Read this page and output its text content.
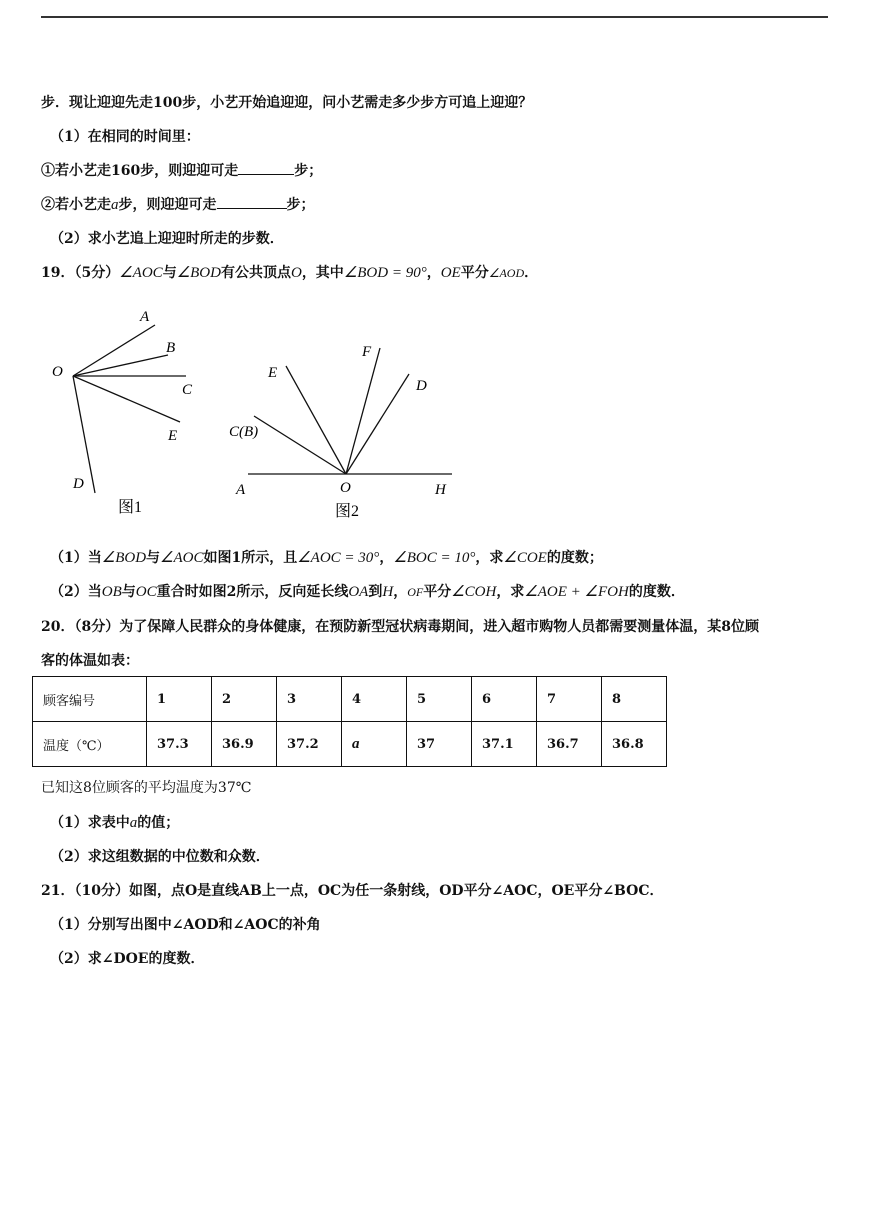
步．现让迎迎先走100步，小艺开始追迎迎，问小艺需走多少步方可追上迎迎？
（1）在相同的时间里：
①若小艺走160步，则迎迎可走	步；
②若小艺走a步，则迎迎可走	步；
（2）求小艺追上迎迎时所走的步数．
19．（5分）∠AOC与∠BOD有公共顶点O，其中∠BOD = 90°，OE平分∠AOD．
A
B
C
E
O
D
图1
E
F
D
C(B)
A	O	H
图2
（1）当∠BOD与∠AOC如图1所示，且∠AOC = 30°，∠BOC = 10°，求∠COE的度数；
（2）当OB与OC重合时如图2所示，反向延长线OA到H，OF平分∠COH，求∠AOE + ∠FOH的度数．
20．（8分）为了保障人民群众的身体健康，在预防新型冠状病毒期间，进入超市购物人员都需要测量体温，某8位顾
客的体温如表：
顾客编号	1	2	3	4	5	6	7	8
温度（℃）	37.3	36.9	37.2	a	37	37.1	36.7	36.8
已知这8位顾客的平均温度为37℃
（1）求表中a的值；
（2）求这组数据的中位数和众数．
21．（10分）如图，点O是直线AB上一点，OC为任一条射线，OD平分∠AOC，OE平分∠BOC．
（1）分别写出图中∠AOD和∠AOC的补角
（2）求∠DOE的度数．
